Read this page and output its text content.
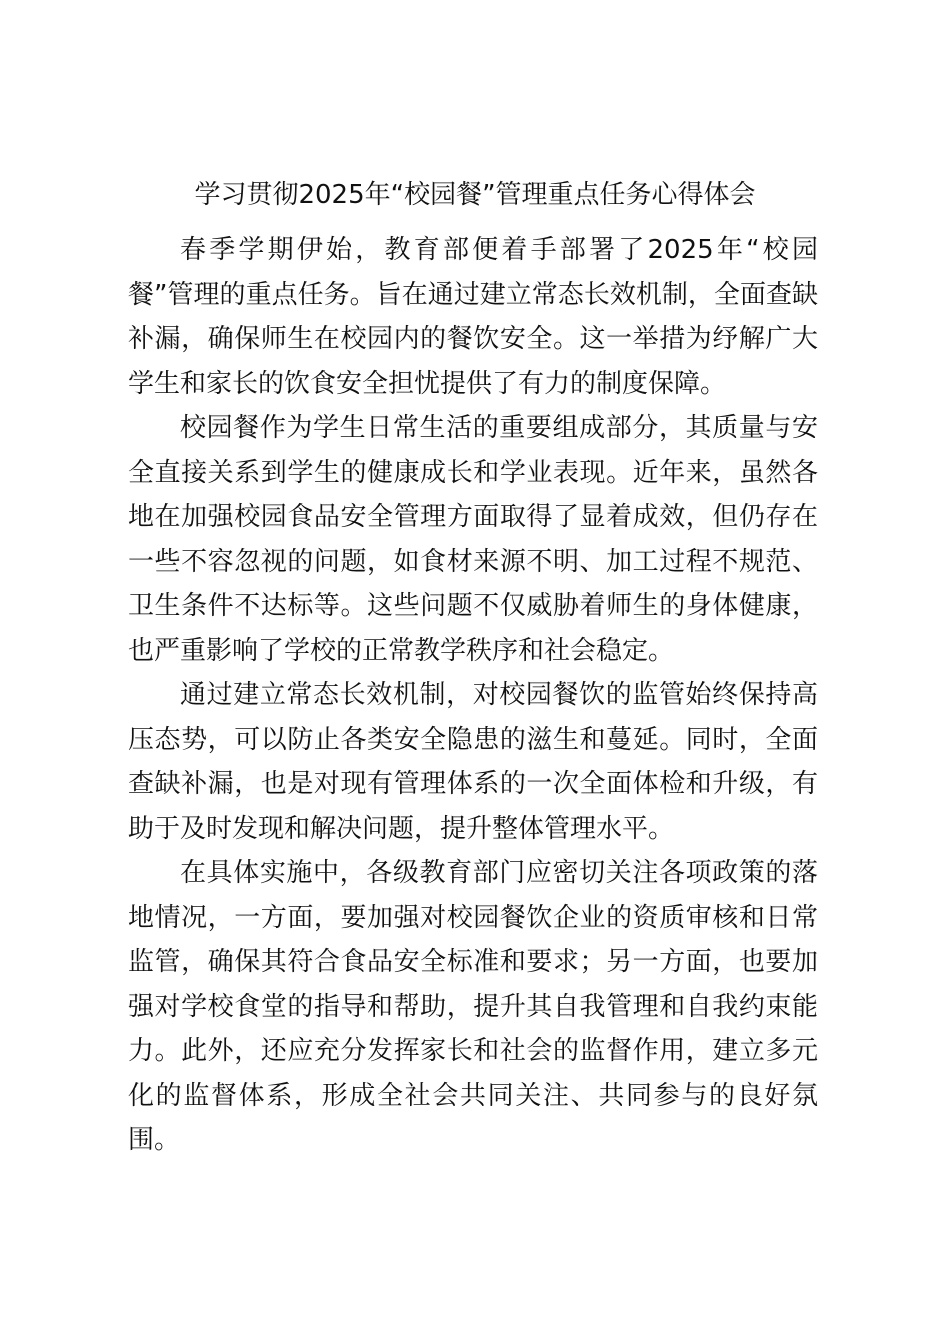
学习贯彻2025年“校园餐”管理重点任务心得体会

春季学期伊始，教育部便着手部署了2025年“校园餐”管理的重点任务。旨在通过建立常态长效机制，全面查缺补漏，确保师生在校园内的餐饮安全。这一举措为纾解广大学生和家长的饮食安全担忧提供了有力的制度保障。

校园餐作为学生日常生活的重要组成部分，其质量与安全直接关系到学生的健康成长和学业表现。近年来，虽然各地在加强校园食品安全管理方面取得了显着成效，但仍存在一些不容忽视的问题，如食材来源不明、加工过程不规范、卫生条件不达标等。这些问题不仅威胁着师生的身体健康，也严重影响了学校的正常教学秩序和社会稳定。

通过建立常态长效机制，对校园餐饮的监管始终保持高压态势，可以防止各类安全隐患的滋生和蔓延。同时，全面查缺补漏，也是对现有管理体系的一次全面体检和升级，有助于及时发现和解决问题，提升整体管理水平。

在具体实施中，各级教育部门应密切关注各项政策的落地情况，一方面，要加强对校园餐饮企业的资质审核和日常监管，确保其符合食品安全标准和要求；另一方面，也要加强对学校食堂的指导和帮助，提升其自我管理和自我约束能力。此外，还应充分发挥家长和社会的监督作用，建立多元化的监督体系，形成全社会共同关注、共同参与的良好氛围。
